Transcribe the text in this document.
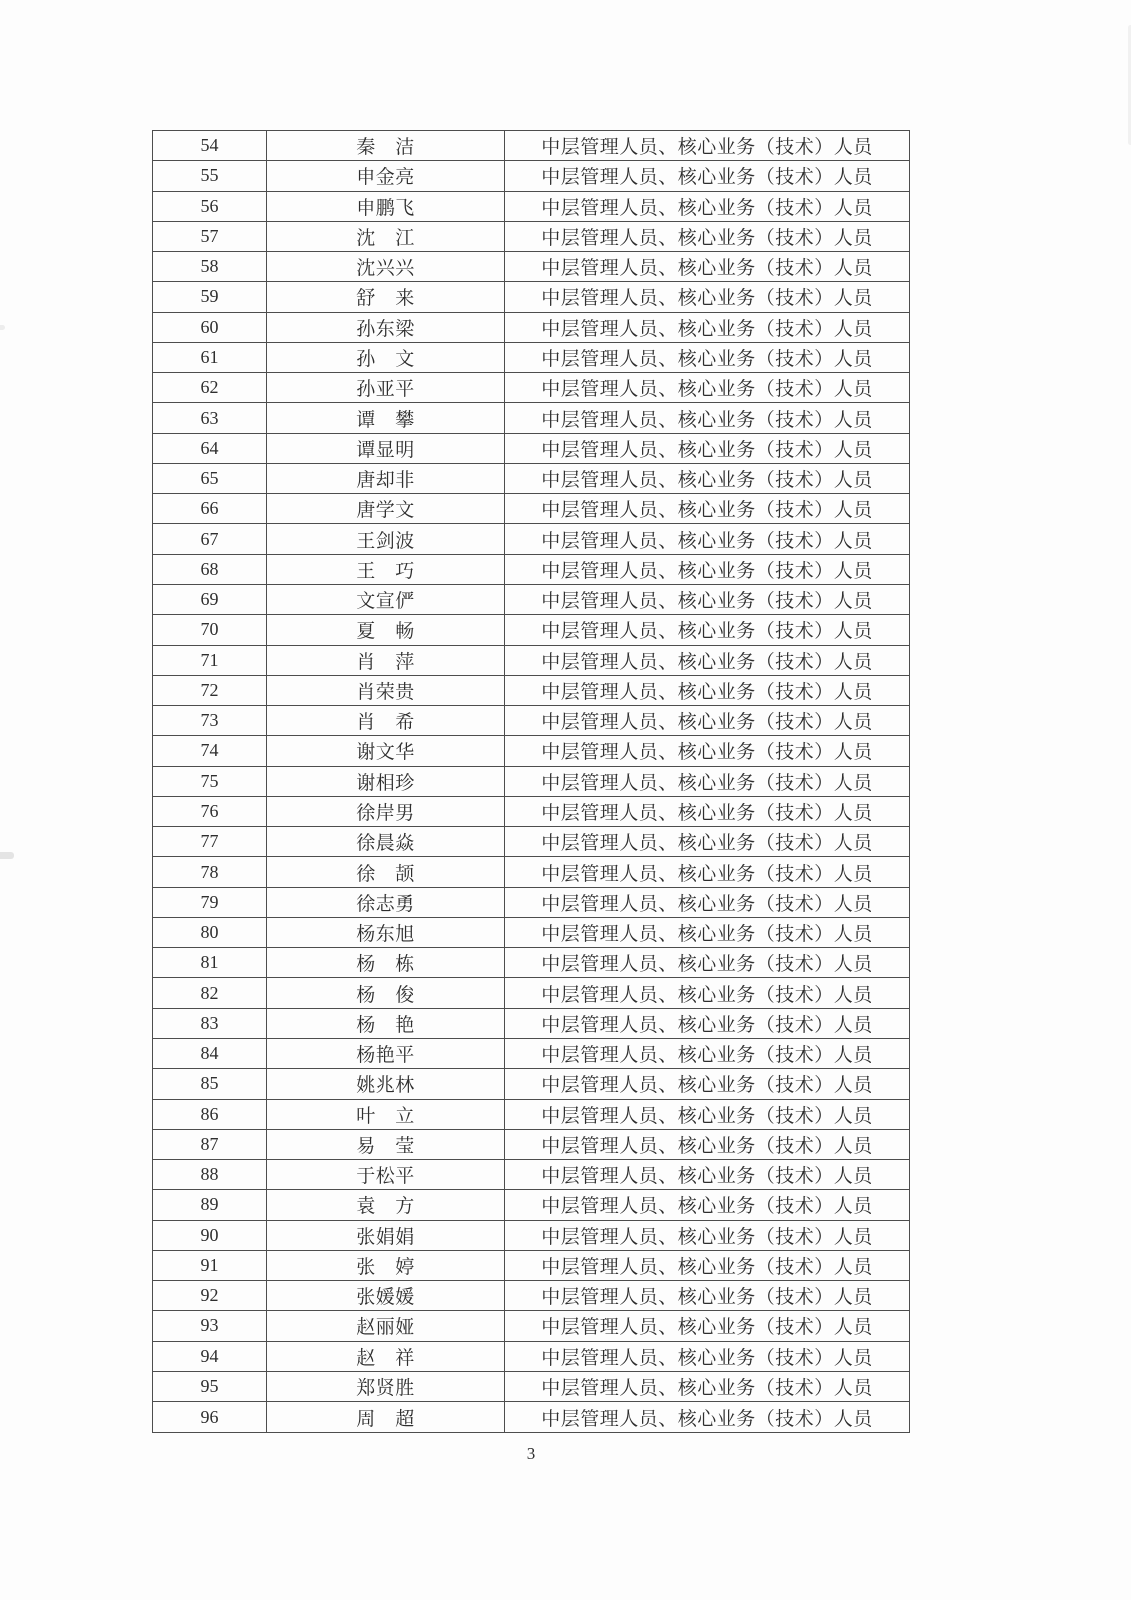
54	秦　洁	中层管理人员、核心业务（技术）人员
55	申金亮	中层管理人员、核心业务（技术）人员
56	申鹏飞	中层管理人员、核心业务（技术）人员
57	沈　江	中层管理人员、核心业务（技术）人员
58	沈兴兴	中层管理人员、核心业务（技术）人员
59	舒　来	中层管理人员、核心业务（技术）人员
60	孙东梁	中层管理人员、核心业务（技术）人员
61	孙　文	中层管理人员、核心业务（技术）人员
62	孙亚平	中层管理人员、核心业务（技术）人员
63	谭　攀	中层管理人员、核心业务（技术）人员
64	谭显明	中层管理人员、核心业务（技术）人员
65	唐却非	中层管理人员、核心业务（技术）人员
66	唐学文	中层管理人员、核心业务（技术）人员
67	王剑波	中层管理人员、核心业务（技术）人员
68	王　巧	中层管理人员、核心业务（技术）人员
69	文宣俨	中层管理人员、核心业务（技术）人员
70	夏　畅	中层管理人员、核心业务（技术）人员
71	肖　萍	中层管理人员、核心业务（技术）人员
72	肖荣贵	中层管理人员、核心业务（技术）人员
73	肖　希	中层管理人员、核心业务（技术）人员
74	谢文华	中层管理人员、核心业务（技术）人员
75	谢相珍	中层管理人员、核心业务（技术）人员
76	徐岸男	中层管理人员、核心业务（技术）人员
77	徐晨焱	中层管理人员、核心业务（技术）人员
78	徐　颉	中层管理人员、核心业务（技术）人员
79	徐志勇	中层管理人员、核心业务（技术）人员
80	杨东旭	中层管理人员、核心业务（技术）人员
81	杨　栋	中层管理人员、核心业务（技术）人员
82	杨　俊	中层管理人员、核心业务（技术）人员
83	杨　艳	中层管理人员、核心业务（技术）人员
84	杨艳平	中层管理人员、核心业务（技术）人员
85	姚兆林	中层管理人员、核心业务（技术）人员
86	叶　立	中层管理人员、核心业务（技术）人员
87	易　莹	中层管理人员、核心业务（技术）人员
88	于松平	中层管理人员、核心业务（技术）人员
89	袁　方	中层管理人员、核心业务（技术）人员
90	张娟娟	中层管理人员、核心业务（技术）人员
91	张　婷	中层管理人员、核心业务（技术）人员
92	张媛媛	中层管理人员、核心业务（技术）人员
93	赵丽娅	中层管理人员、核心业务（技术）人员
94	赵　祥	中层管理人员、核心业务（技术）人员
95	郑贤胜	中层管理人员、核心业务（技术）人员
96	周　超	中层管理人员、核心业务（技术）人员
3
